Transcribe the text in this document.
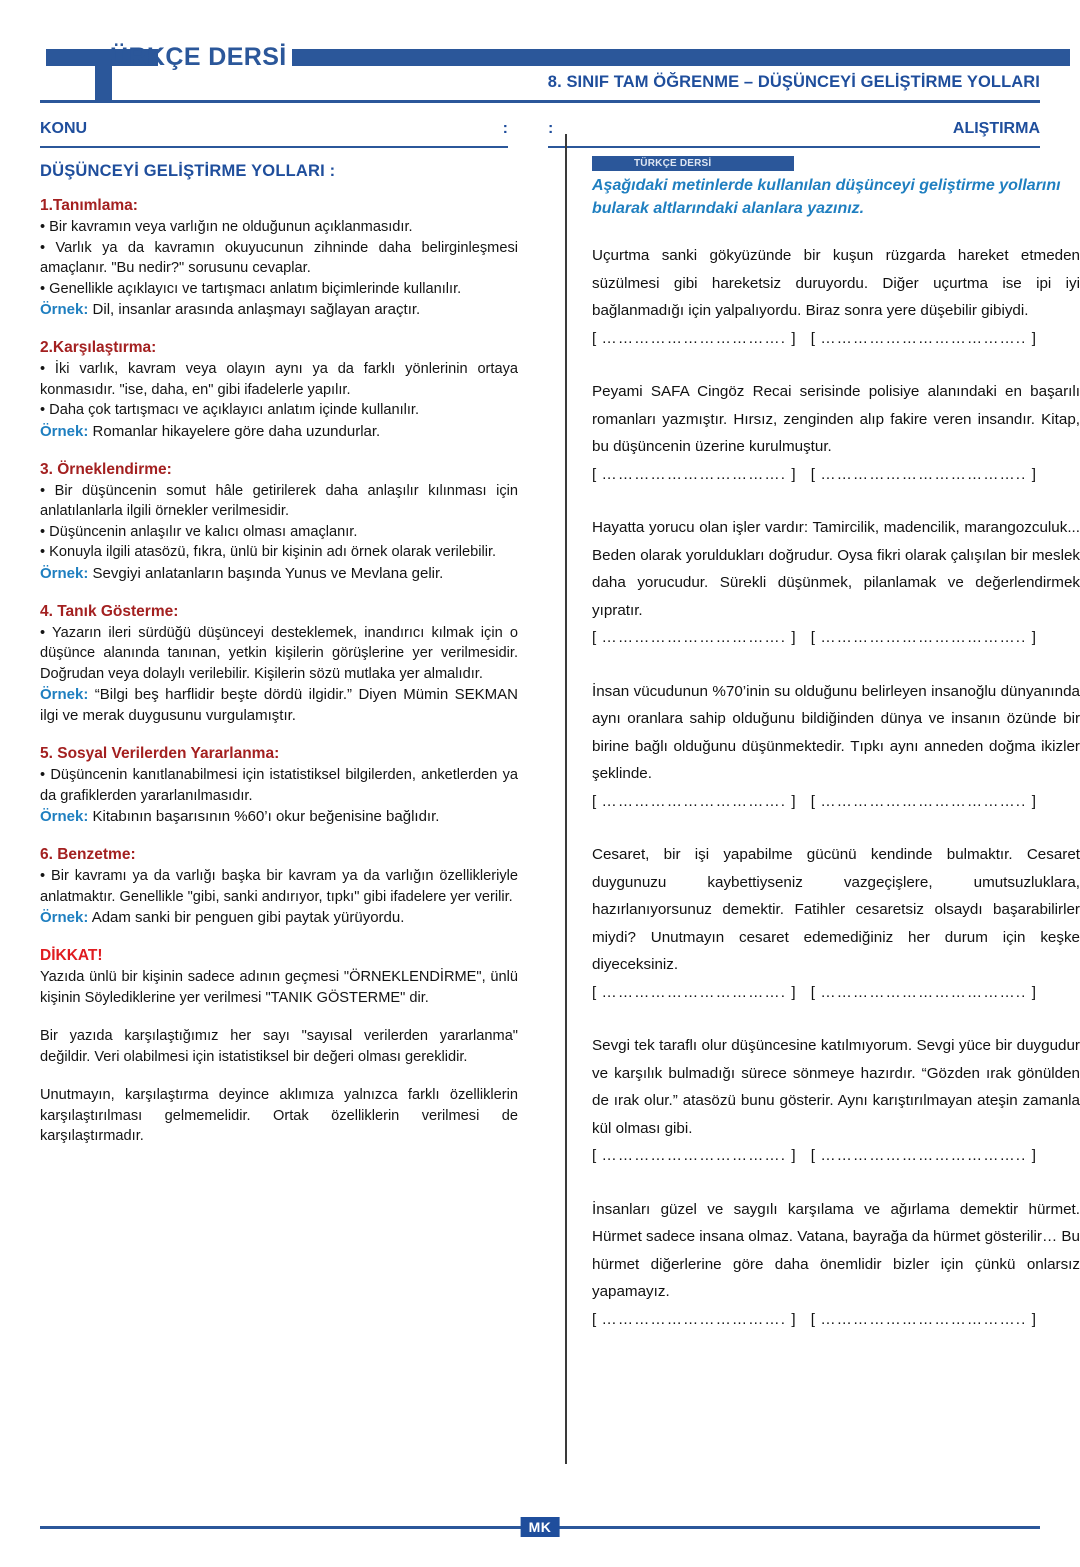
ÜRKÇE DERSİ
8. SINIF TAM ÖĞRENME – DÜŞÜNCEYİ GELİŞTİRME YOLLARI
KONU	:	:	ALIŞTIRMA
DÜŞÜNCEYİ GELİŞTİRME YOLLARI :
1.Tanımlama:

• Bir kavramın veya varlığın ne olduğunun açıklanmasıdır.

• Varlık ya da kavramın okuyucunun zihninde daha belirginleşmesi amaçlanır. "Bu nedir?" sorusunu cevaplar.

• Genellikle açıklayıcı ve tartışmacı anlatım biçimlerinde kullanılır.

Örnek: Dil, insanlar arasında anlaşmayı sağlayan araçtır.

2.Karşılaştırma:

• İki varlık, kavram veya olayın aynı ya da farklı yönlerinin ortaya konmasıdır. "ise, daha, en" gibi ifadelerle yapılır.

• Daha çok tartışmacı ve açıklayıcı anlatım içinde kullanılır.

Örnek: Romanlar hikayelere göre daha uzundurlar.

3. Örneklendirme:

• Bir düşüncenin somut hâle getirilerek daha anlaşılır kılınması için anlatılanlarla ilgili örnekler verilmesidir.

• Düşüncenin anlaşılır ve kalıcı olması amaçlanır.

• Konuyla ilgili atasözü, fıkra, ünlü bir kişinin adı örnek olarak verilebilir.

Örnek: Sevgiyi anlatanların başında Yunus ve Mevlana gelir.

4. Tanık Gösterme:

• Yazarın ileri sürdüğü düşünceyi desteklemek, inandırıcı kılmak için o düşünce alanında tanınan, yetkin kişilerin görüşlerine yer verilmesidir. Doğrudan veya dolaylı verilebilir. Kişilerin sözü mutlaka yer almalıdır.

Örnek: “Bilgi beş harflidir beşte dördü ilgidir.” Diyen Mümin SEKMAN ilgi ve merak duygusunu vurgulamıştır.

5. Sosyal Verilerden Yararlanma:

• Düşüncenin kanıtlanabilmesi için istatistiksel bilgilerden, anketlerden ya da grafiklerden yararlanılmasıdır.

Örnek: Kitabının başarısının %60’ı okur beğenisine bağlıdır.

6. Benzetme:

• Bir kavramı ya da varlığı başka bir kavram ya da varlığın özellikleriyle anlatmaktır. Genellikle "gibi, sanki andırıyor, tıpkı" gibi ifadelere yer verilir.

Örnek: Adam sanki bir penguen gibi paytak yürüyordu.

DİKKAT!

Yazıda ünlü bir kişinin sadece adının geçmesi "ÖRNEKLENDİRME", ünlü kişinin Söylediklerine yer verilmesi "TANIK GÖSTERME" dir.

Bir yazıda karşılaştığımız her sayı "sayısal verilerden yararlanma" değildir. Veri olabilmesi için istatistiksel bir değeri olması gereklidir.

Unutmayın, karşılaştırma deyince aklımıza yalnızca farklı özelliklerin karşılaştırılması gelmemelidir. Ortak özelliklerin verilmesi de karşılaştırmadır.

TÜRKÇE DERSİ
Aşağıdaki metinlerde kullanılan düşünceyi geliştirme yollarını bularak altlarındaki alanlara yazınız.

Uçurtma sanki gökyüzünde bir kuşun rüzgarda hareket etmeden süzülmesi gibi hareketsiz duruyordu. Diğer uçurtma ise ipi iyi bağlanmadığı için yalpalıyordu. Biraz sonra yere düşebilir gibiydi.

[ ……………………………. ]   [ ……………………………….. ]

Peyami SAFA Cingöz Recai serisinde polisiye alanındaki en başarılı romanları yazmıştır. Hırsız, zenginden alıp fakire veren insandır. Kitap, bu düşüncenin üzerine kurulmuştur.

[ ……………………………. ]   [ ……………………………….. ]

Hayatta yorucu olan işler vardır: Tamircilik, madencilik, marangozculuk... Beden olarak yoruldukları doğrudur. Oysa fikri olarak çalışılan bir meslek daha yorucudur. Sürekli düşünmek, pilanlamak ve değerlendirmek yıpratır.

[ ……………………………. ]   [ ……………………………….. ]

İnsan vücudunun %70’inin su olduğunu belirleyen insanoğlu dünyanında aynı oranlara sahip olduğunu bildiğinden dünya ve insanın özünde bir birine bağlı olduğunu düşünmektedir. Tıpkı aynı anneden doğma ikizler şeklinde.

[ ……………………………. ]   [ ……………………………….. ]

Cesaret, bir işi yapabilme gücünü kendinde bulmaktır. Cesaret duygunuzu kaybettiyseniz vazgeçişlere, umutsuzluklara, hazırlanıyorsunuz demektir. Fatihler cesaretsiz olsaydı başarabilirler miydi? Unutmayın cesaret edemediğiniz her durum için keşke diyeceksiniz.

[ ……………………………. ]   [ ……………………………….. ]

Sevgi tek taraflı olur düşüncesine katılmıyorum. Sevgi yüce bir duygudur ve karşılık bulmadığı sürece sönmeye hazırdır. “Gözden ırak gönülden de ırak olur.” atasözü bunu gösterir. Aynı karıştırılmayan ateşin zamanla kül olması gibi.

[ ……………………………. ]   [ ……………………………….. ]

İnsanları güzel ve saygılı karşılama ve ağırlama demektir hürmet. Hürmet sadece insana olmaz. Vatana, bayrağa da hürmet gösterilir… Bu hürmet diğerlerine göre daha önemlidir bizler için çünkü onlarsız yapamayız.

[ ……………………………. ]   [ ……………………………….. ]

MK
